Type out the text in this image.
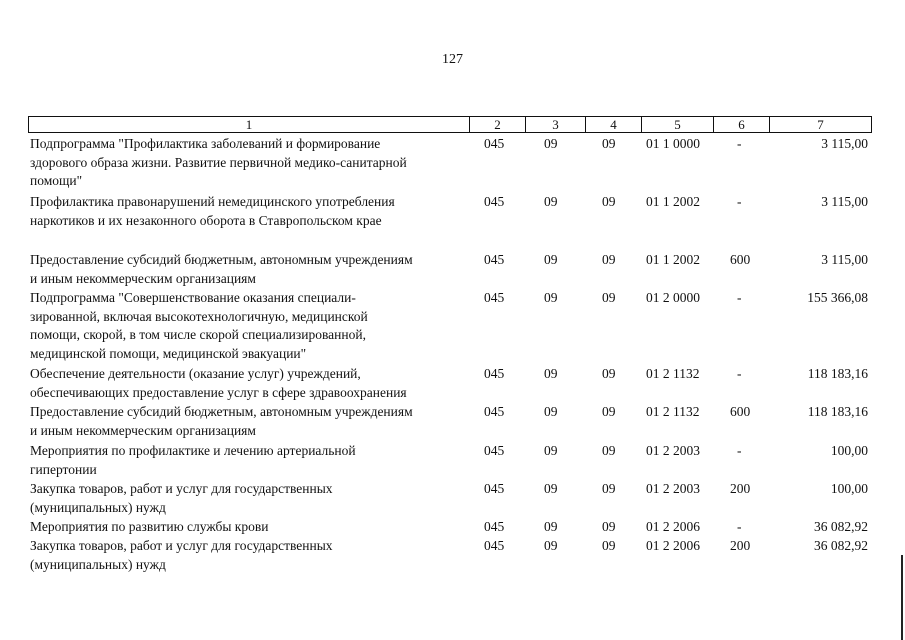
127
1	2	3	4	5	6	7
Подпрограмма "Профилактика заболеваний и формирование
здорового образа жизни. Развитие первичной медико-санитарной
помощи"
045	09	09	01 1 0000	-	3 115,00
Профилактика правонарушений немедицинского употребления
наркотиков и их незаконного оборота в Ставропольском крае
045	09	09	01 1 2002	-	3 115,00
Предоставление субсидий бюджетным, автономным учреждениям
и иным некоммерческим организациям
045	09	09	01 1 2002	600	3 115,00
Подпрограмма "Совершенствование оказания специали-
зированной, включая высокотехнологичную, медицинской
помощи, скорой, в том числе скорой специализированной,
медицинской помощи, медицинской эвакуации"
045	09	09	01 2 0000	-	155 366,08
Обеспечение деятельности (оказание услуг) учреждений,
обеспечивающих предоставление услуг в сфере здравоохранения
045	09	09	01 2 1132	-	118 183,16
Предоставление субсидий бюджетным, автономным учреждениям
и иным некоммерческим организациям
045	09	09	01 2 1132	600	118 183,16
Мероприятия по профилактике и лечению артериальной
гипертонии
045	09	09	01 2 2003	-	100,00
Закупка товаров, работ и услуг для государственных
(муниципальных) нужд
045	09	09	01 2 2003	200	100,00
Мероприятия по развитию службы крови	045	09	09	01 2 2006	-	36 082,92
Закупка товаров, работ и услуг для государственных
(муниципальных) нужд
045	09	09	01 2 2006	200	36 082,92
